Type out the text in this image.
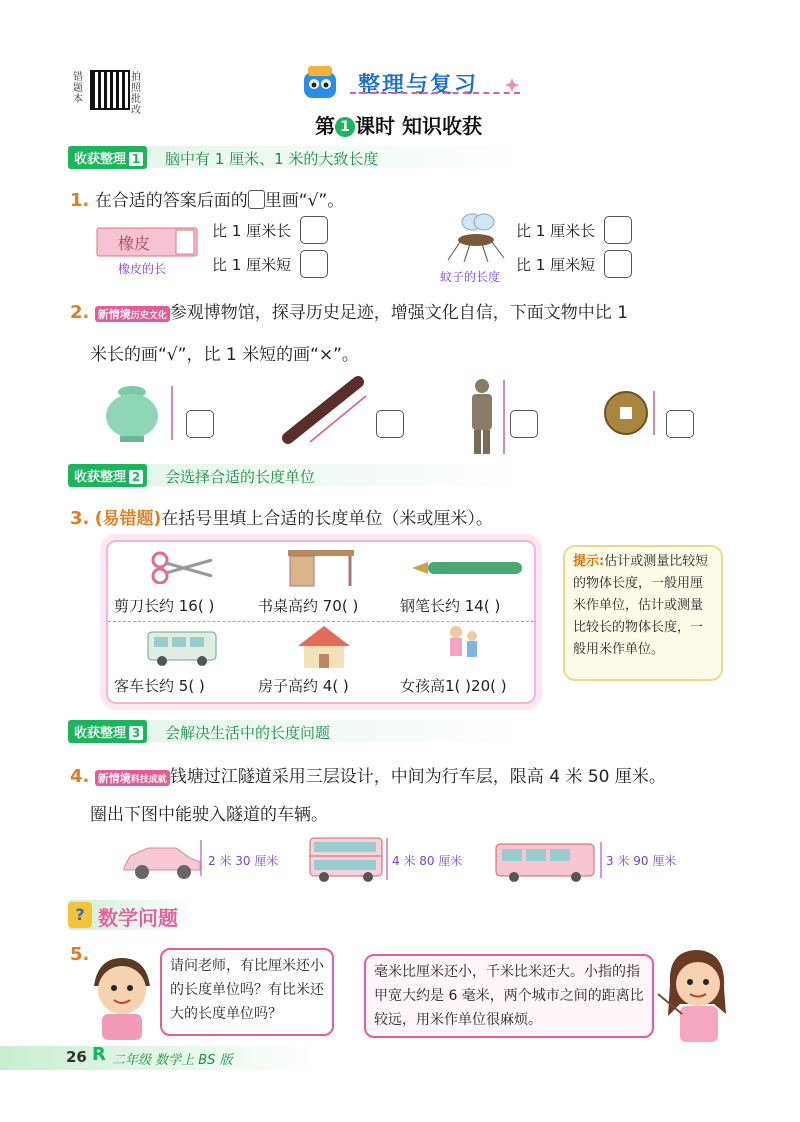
错题本
拍照批改
整理与复习
第 1 课时 知识收获
收获整理 1	脑中有 1 厘米、1 米的大致长度
1. 在合适的答案后面的 里画“√”。
橡皮
橡皮的长
比 1 厘米长
比 1 厘米短
蚊子的长度
比 1 厘米长
比 1 厘米短
2. 新情境历史文化 参观博物馆，探寻历史足迹，增强文化自信，下面文物中比 1
米长的画“√”，比 1 米短的画“×”。
收获整理 2	会选择合适的长度单位
3. (易错题)在括号里填上合适的长度单位（米或厘米）。
剪刀长约 16( )	书桌高约 70( )	钢笔长约 14( )
客车长约 5( )	房子高约 4( )	女孩高1( )20( )
提示:估计或测量比较短的物体长度，一般用厘米作单位，估计或测量比较长的物体长度，一般用米作单位。
收获整理 3	会解决生活中的长度问题
4. 新情境科技成就 钱塘过江隧道采用三层设计，中间为行车层，限高 4 米 50 厘米。
圈出下图中能驶入隧道的车辆。
2 米 30 厘米	4 米 80 厘米	3 米 90 厘米
? 数学问题
5.
请问老师，有比厘米还小的长度单位吗？有比米还大的长度单位吗？
毫米比厘米还小，千米比米还大。小指的指甲宽大约是 6 毫米，两个城市之间的距离比较远，用米作单位很麻烦。
26 R 二年级 数学上 BS 版
